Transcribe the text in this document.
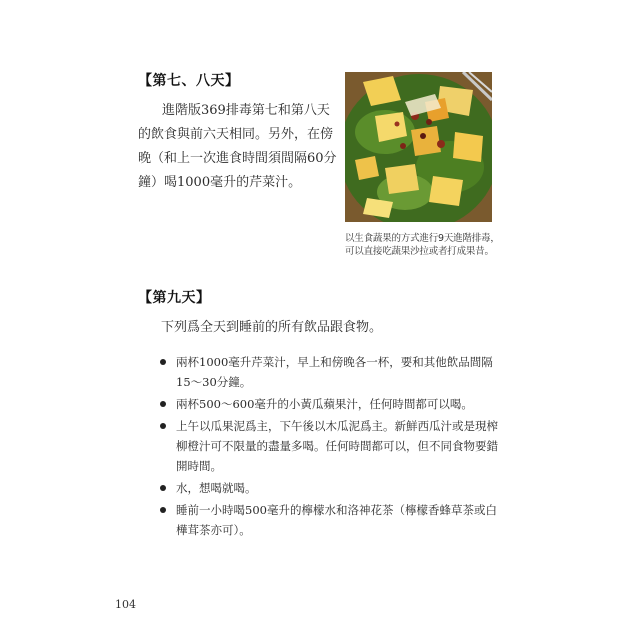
【第七、八天】
進階版369排毒第七和第八天
的飲食與前六天相同。另外，在傍
晚（和上一次進食時間須間隔60分
鐘）喝1000毫升的芹菜汁。
以生食蔬果的方式進行9天進階排毒，
可以直接吃蔬果沙拉或者打成果昔。
【第九天】
下列爲全天到睡前的所有飲品跟食物。
兩杯1000毫升芹菜汁，早上和傍晚各一杯，要和其他飲品間隔
15～30分鐘。
兩杯500～600毫升的小黃瓜蘋果汁，任何時間都可以喝。
上午以瓜果泥爲主，下午後以木瓜泥爲主。新鮮西瓜汁或是現榨
柳橙汁可不限量的盡量多喝。任何時間都可以，但不同食物要錯
開時間。
水，想喝就喝。
睡前一小時喝500毫升的檸檬水和洛神花茶（檸檬香蜂草茶或白
樺茸茶亦可）。
104
